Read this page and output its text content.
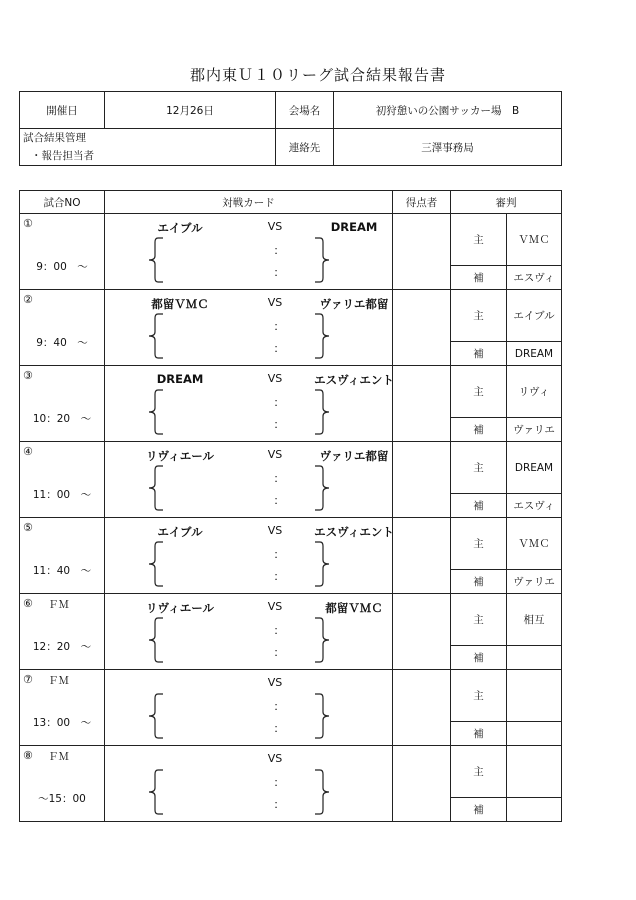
郡内東Ｕ１０リーグ試合結果報告書
開催日	12月26日	会場名	初狩憩いの公園サッカー場　B

試合結果管理
・報告担当者		連絡先	三澤事務局
試合NO	対戦カード	得点者	審判	

①
9：00　～	エイブル VS DREAM
：
：		主	ＶＭＣ
			補	エスヴィ

②
9：40　～	都留ＶＭＣ VS ヴァリエ都留
：
：		主	エイブル
			補	DREAM

③
10：20　～	DREAM VS エスヴィエント
：
：		主	リヴィ
			補	ヴァリエ

④
11：00　～	リヴィエール VS ヴァリエ都留
：
：		主	DREAM
			補	エスヴィ

⑤
11：40　～	エイブル VS エスヴィエント
：
：		主	ＶＭＣ
			補	ヴァリエ

⑥ ＦＭ
12：20　～	リヴィエール VS 都留ＶＭＣ
：
：		主	相互
			補	

⑦ ＦＭ
13：00　～	VS
：
：		主	
			補	

⑧ ＦＭ
～15：00	VS
：
：		主	
			補	
